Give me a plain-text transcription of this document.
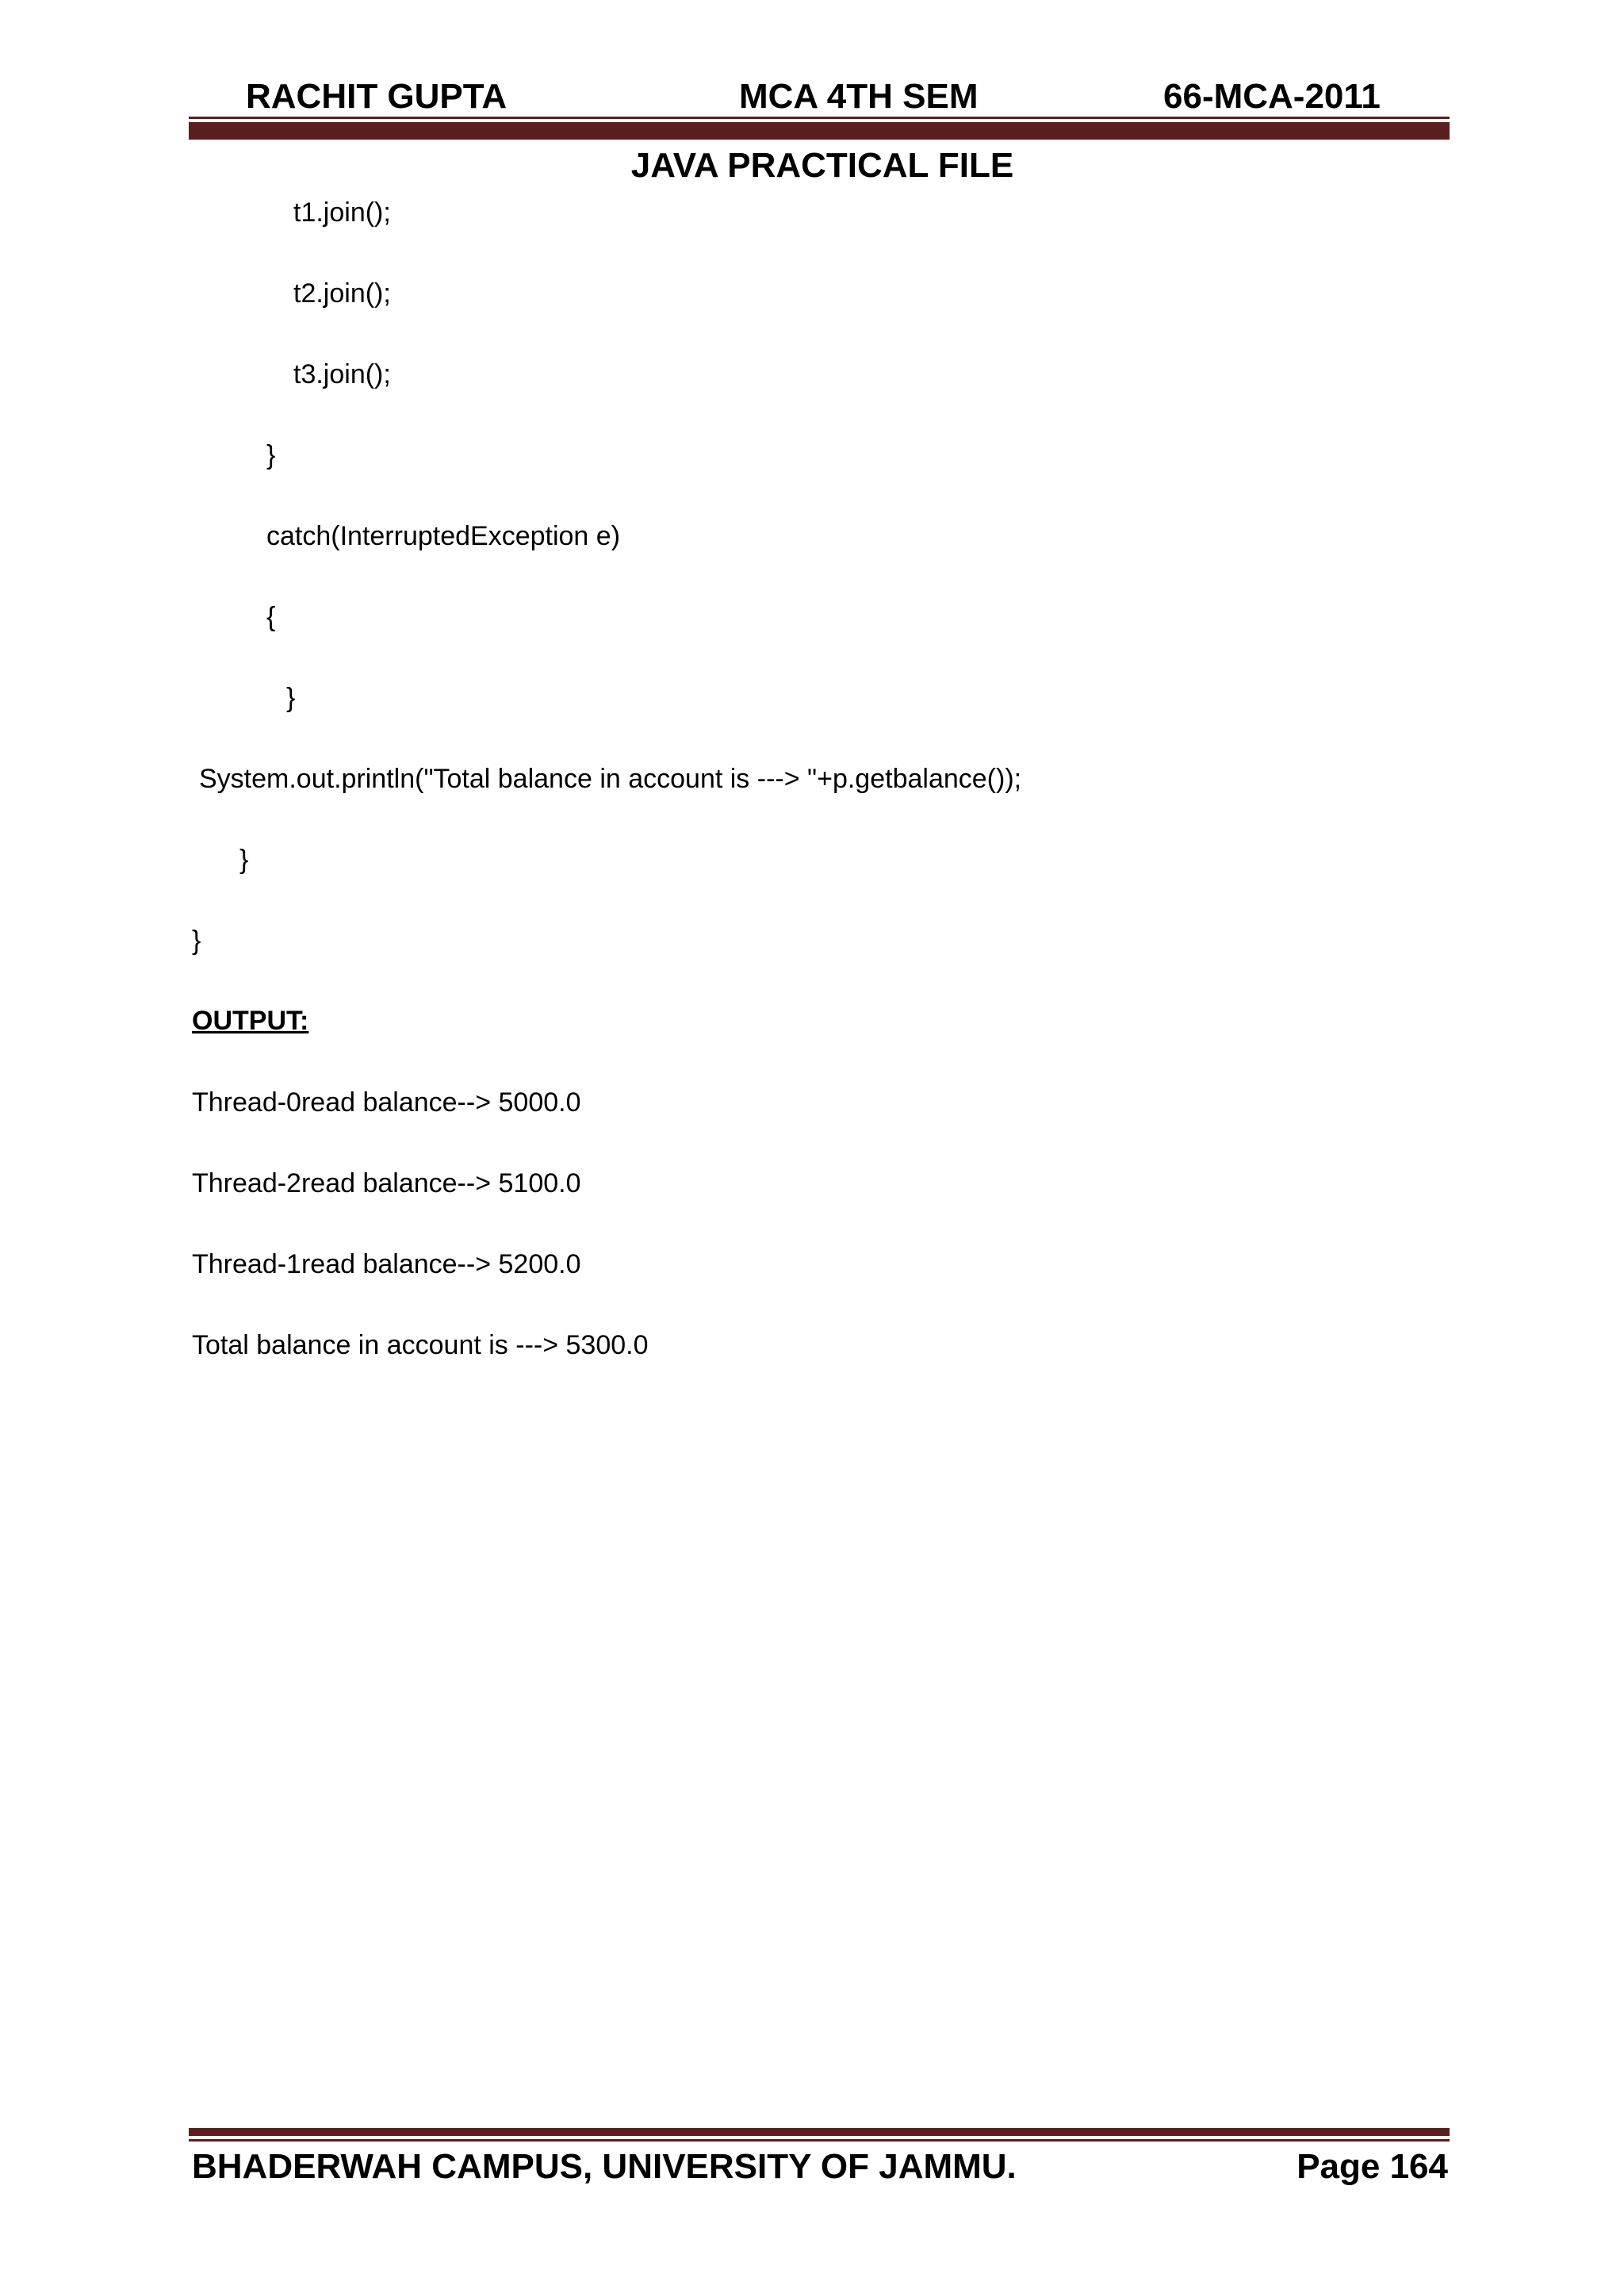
RACHIT GUPTA	MCA 4TH SEM	66-MCA-2011
JAVA PRACTICAL FILE
t1.join();
t2.join();
t3.join();
}
catch(InterruptedException e)
{
}
System.out.println("Total balance in account is ---> "+p.getbalance());
}
}
OUTPUT:
Thread-0read balance--> 5000.0
Thread-2read balance--> 5100.0
Thread-1read balance--> 5200.0
Total balance in account is ---> 5300.0
BHADERWAH CAMPUS, UNIVERSITY OF JAMMU.	Page 164
